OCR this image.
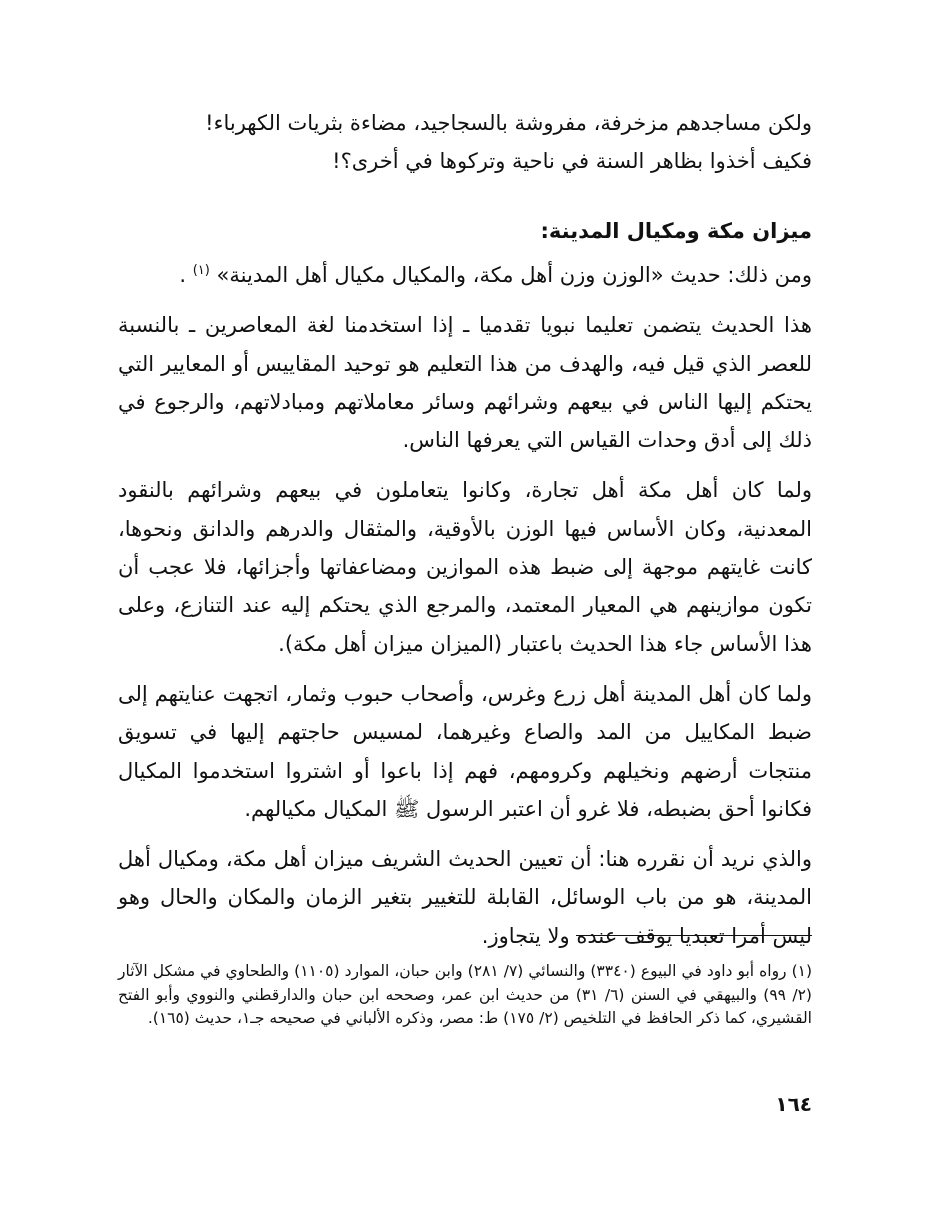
ولكن مساجدهم مزخرفة، مفروشة بالسجاجيد، مضاءة بثريات الكهرباء!

فكيف أخذوا بظاهر السنة في ناحية وتركوها في أخرى؟!

ميزان مكة ومكيال المدينة:

ومن ذلك: حديث «الوزن وزن أهل مكة، والمكيال مكيال أهل المدينة» $^{(١)}$ .

هذا الحديث يتضمن تعليما نبويا تقدميا ـ إذا استخدمنا لغة المعاصرين ـ بالنسبة للعصر الذي قيل فيه، والهدف من هذا التعليم هو توحيد المقاييس أو المعايير التي يحتكم إليها الناس في بيعهم وشرائهم وسائر معاملاتهم ومبادلاتهم، والرجوع في ذلك إلى أدق وحدات القياس التي يعرفها الناس.

ولما كان أهل مكة أهل تجارة، وكانوا يتعاملون في بيعهم وشرائهم بالنقود المعدنية، وكان الأساس فيها الوزن بالأوقية، والمثقال والدرهم والدانق ونحوها، كانت غايتهم موجهة إلى ضبط هذه الموازين ومضاعفاتها وأجزائها، فلا عجب أن تكون موازينهم هي المعيار المعتمد، والمرجع الذي يحتكم إليه عند التنازع، وعلى هذا الأساس جاء هذا الحديث باعتبار (الميزان ميزان أهل مكة).

ولما كان أهل المدينة أهل زرع وغرس، وأصحاب حبوب وثمار، اتجهت عنايتهم إلى ضبط المكاييل من المد والصاع وغيرهما، لمسيس حاجتهم إليها في تسويق منتجات أرضهم ونخيلهم وكرومهم، فهم إذا باعوا أو اشتروا استخدموا المكيال فكانوا أحق بضبطه، فلا غرو أن اعتبر الرسول ﷺ المكيال مكيالهم.

والذي نريد أن نقرره هنا: أن تعيين الحديث الشريف ميزان أهل مكة، ومكيال أهل المدينة، هو من باب الوسائل، القابلة للتغيير بتغير الزمان والمكان والحال وهو ليس أمرا تعبديا يوقف عنده ولا يتجاوز.

(١) رواه أبو داود في البيوع (٣٣٤٠) والنسائي (٧/ ٢٨١) وابن حبان، الموارد (١١٠٥) والطحاوي في مشكل الآثار (٢/ ٩٩) والبيهقي في السنن (٦/ ٣١) من حديث ابن عمر، وصححه ابن حبان والدارقطني والنووي وأبو الفتح القشيري، كما ذكر الحافظ في التلخيص (٢/ ١٧٥) ط: مصر، وذكره الألباني في صحيحه جـ١، حديث (١٦٥).
١٦٤
